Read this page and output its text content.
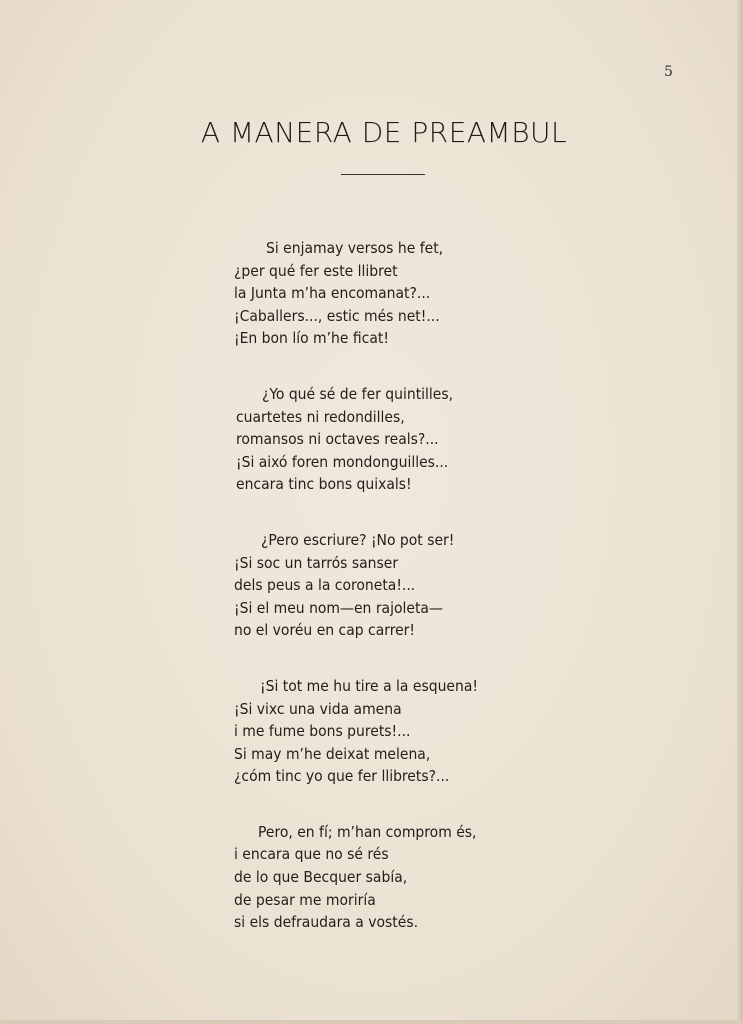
5
A MANERA DE PREAMBUL
Si enjamay versos he fet,
¿per qué fer este llibret
la Junta m’ha encomanat?...
¡Caballers..., estic més net!...
¡En bon lío m’he ficat!
¿Yo qué sé de fer quintilles,
cuartetes ni redondilles,
romansos ni octaves reals?...
¡Si aixó foren mondonguilles...
encara tinc bons quixals!
¿Pero escriure? ¡No pot ser!
¡Si soc un tarrós sanser
dels peus a la coroneta!...
¡Si el meu nom—en rajoleta—
no el voréu en cap carrer!
¡Si tot me hu tire a la esquena!
¡Si vixc una vida amena
i me fume bons purets!...
Si may m’he deixat melena,
¿cóm tinc yo que fer llibrets?...
Pero, en fí; m’han comprom és,
i encara que no sé rés
de lo que Becquer sabía,
de pesar me moriría
si els defraudara a vostés.
